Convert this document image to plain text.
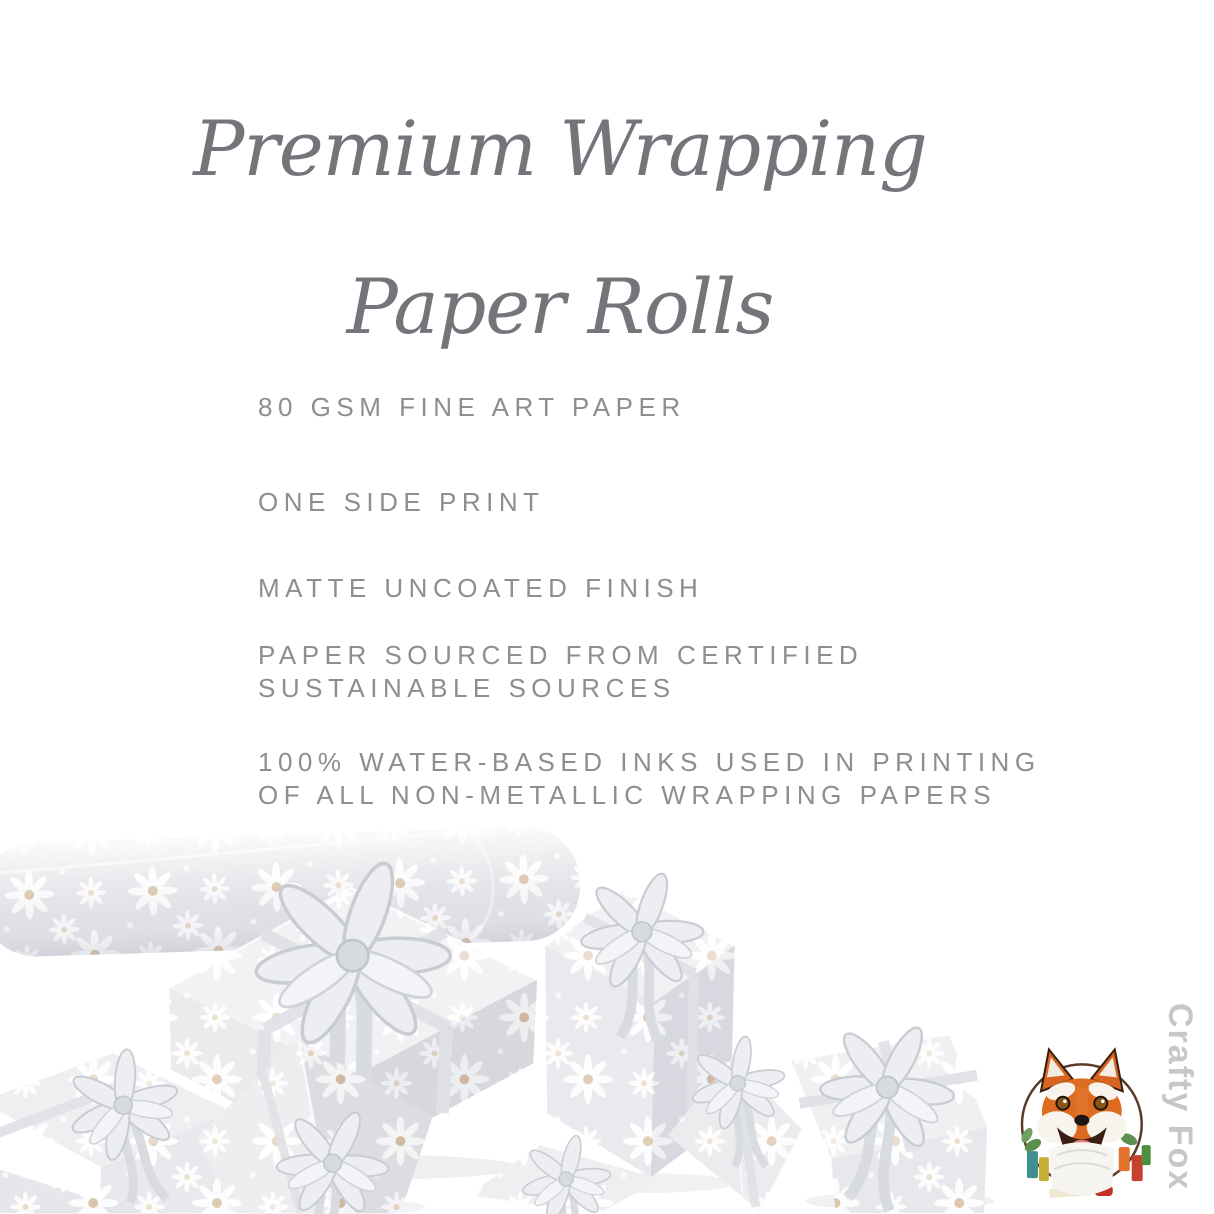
Premium Wrapping
Paper Rolls
80 GSM FINE ART PAPER
ONE SIDE PRINT
MATTE UNCOATED FINISH
PAPER SOURCED FROM CERTIFIED
SUSTAINABLE SOURCES
100% WATER-BASED INKS USED IN PRINTING
OF ALL NON-METALLIC WRAPPING PAPERS
Crafty Fox
